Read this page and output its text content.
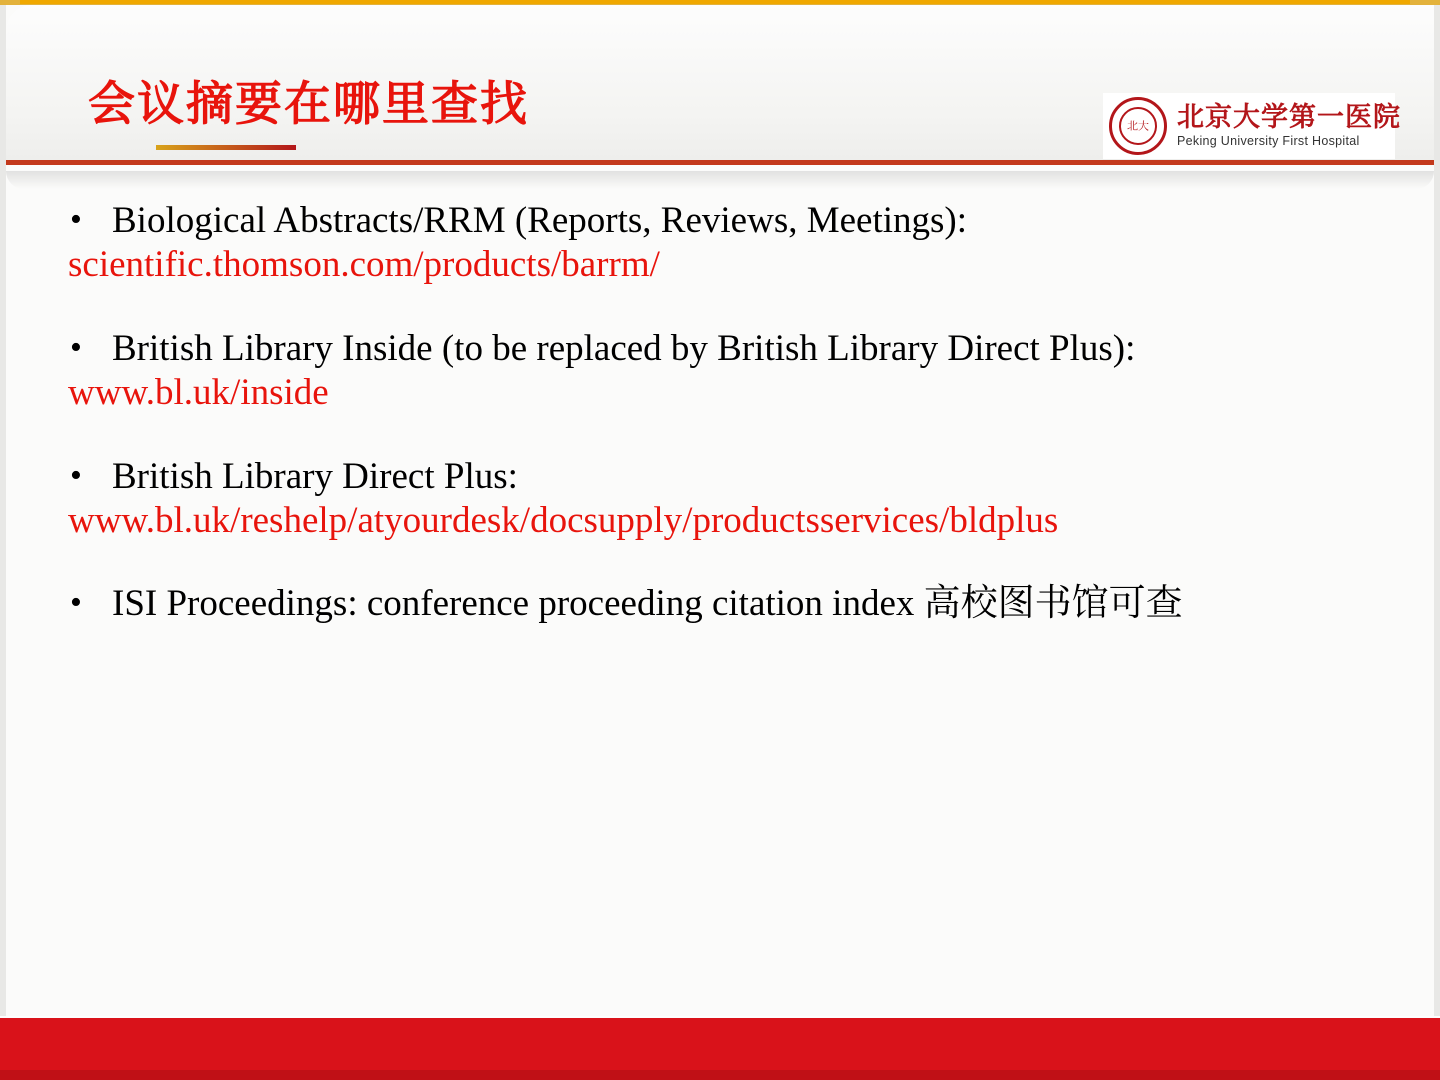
会议摘要在哪里查找	北大 北京大学第一医院
Peking University First Hospital
• Biological Abstracts/RRM (Reports, Reviews, Meetings):
scientific.thomson.com/products/barrm/
• British Library Inside (to be replaced by British Library Direct Plus):
www.bl.uk/inside
• British Library Direct Plus:
www.bl.uk/reshelp/atyourdesk/docsupply/productsservices/bldplus
• ISI Proceedings: conference proceeding citation index 高校图书馆可查
